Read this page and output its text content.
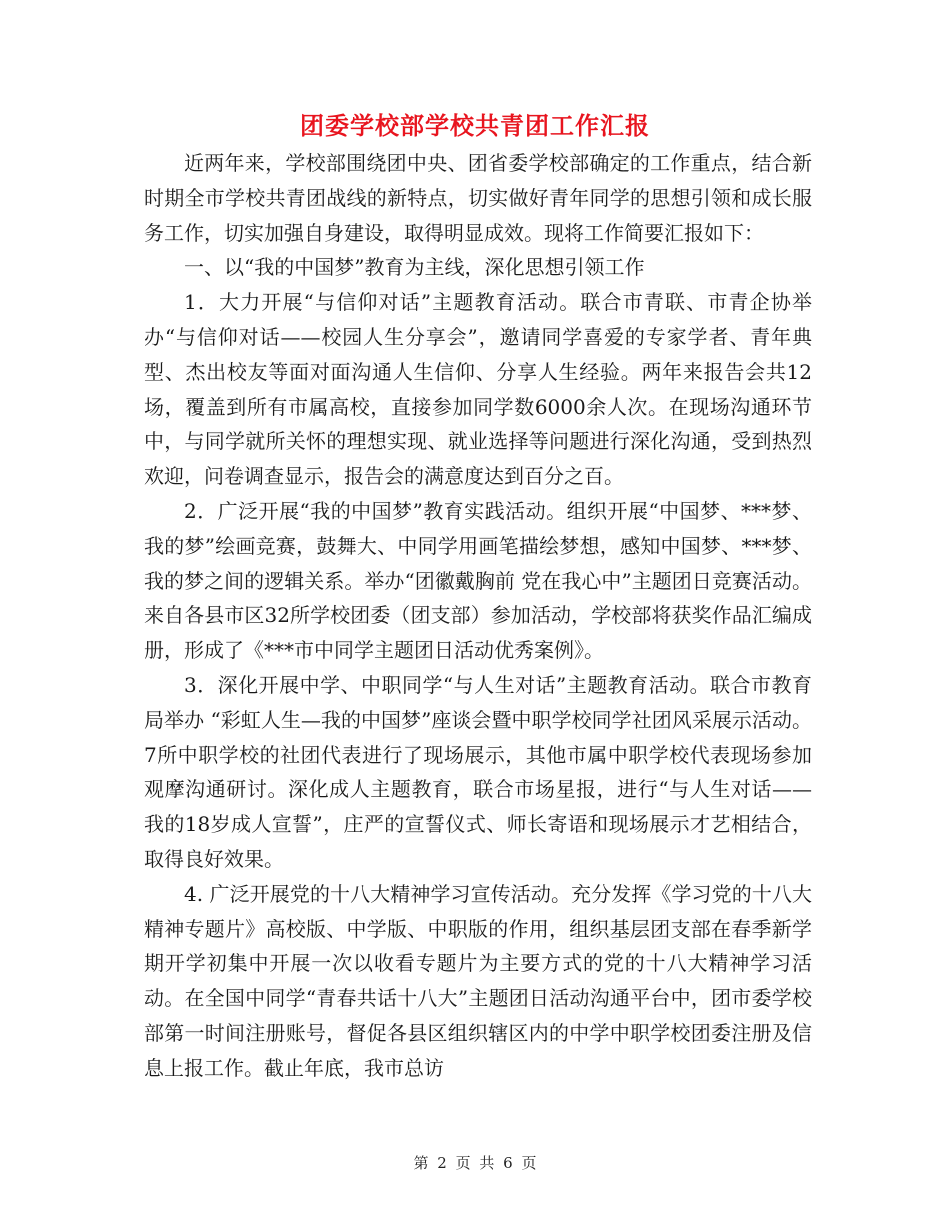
团委学校部学校共青团工作汇报

近两年来，学校部围绕团中央、团省委学校部确定的工作重点，结合新时期全市学校共青团战线的新特点，切实做好青年同学的思想引领和成长服务工作，切实加强自身建设，取得明显成效。现将工作简要汇报如下：

一、以“我的中国梦”教育为主线，深化思想引领工作

1．大力开展“与信仰对话”主题教育活动。联合市青联、市青企协举办“与信仰对话——校园人生分享会”，邀请同学喜爱的专家学者、青年典型、杰出校友等面对面沟通人生信仰、分享人生经验。两年来报告会共12场，覆盖到所有市属高校，直接参加同学数6000余人次。在现场沟通环节中，与同学就所关怀的理想实现、就业选择等问题进行深化沟通，受到热烈欢迎，问卷调查显示，报告会的满意度达到百分之百。

2．广泛开展“我的中国梦”教育实践活动。组织开展“中国梦、***梦、我的梦”绘画竞赛，鼓舞大、中同学用画笔描绘梦想，感知中国梦、***梦、我的梦之间的逻辑关系。举办“团徽戴胸前 党在我心中”主题团日竞赛活动。来自各县市区32所学校团委（团支部）参加活动，学校部将获奖作品汇编成册，形成了《***市中同学主题团日活动优秀案例》。

3．深化开展中学、中职同学“与人生对话”主题教育活动。联合市教育局举办 “彩虹人生—我的中国梦”座谈会暨中职学校同学社团风采展示活动。7所中职学校的社团代表进行了现场展示，其他市属中职学校代表现场参加观摩沟通研讨。深化成人主题教育，联合市场星报，进行“与人生对话——我的18岁成人宣誓”，庄严的宣誓仪式、师长寄语和现场展示才艺相结合，取得良好效果。

4. 广泛开展党的十八大精神学习宣传活动。充分发挥《学习党的十八大精神专题片》高校版、中学版、中职版的作用，组织基层团支部在春季新学期开学初集中开展一次以收看专题片为主要方式的党的十八大精神学习活动。在全国中同学“青春共话十八大”主题团日活动沟通平台中，团市委学校部第一时间注册账号，督促各县区组织辖区内的中学中职学校团委注册及信息上报工作。截止年底，我市总访

第 2 页 共 6 页
